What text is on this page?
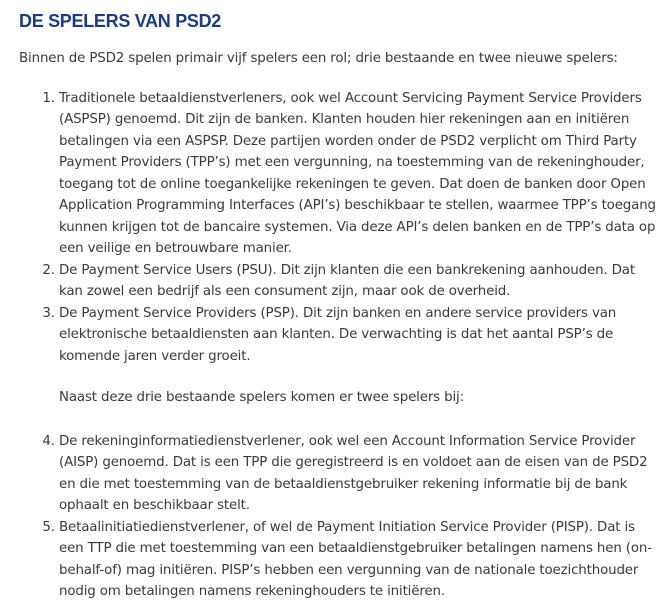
DE SPELERS VAN PSD2

Binnen de PSD2 spelen primair vijf spelers een rol; drie bestaande en twee nieuwe spelers:

1. Traditionele betaaldienstverleners, ook wel Account Servicing Payment Service Providers (ASPSP) genoemd. Dit zijn de banken. Klanten houden hier rekeningen aan en initiëren betalingen via een ASPSP. Deze partijen worden onder de PSD2 verplicht om Third Party Payment Providers (TPP’s) met een vergunning, na toestemming van de rekeninghouder, toegang tot de online toegankelijke rekeningen te geven. Dat doen de banken door Open Application Programming Interfaces (API’s) beschikbaar te stellen, waarmee TPP’s toegang kunnen krijgen tot de bancaire systemen. Via deze API’s delen banken en de TPP’s data op een veilige en betrouwbare manier.
2. De Payment Service Users (PSU). Dit zijn klanten die een bankrekening aanhouden. Dat kan zowel een bedrijf als een consument zijn, maar ook de overheid.
3. De Payment Service Providers (PSP). Dit zijn banken en andere service providers van elektronische betaaldiensten aan klanten. De verwachting is dat het aantal PSP’s de komende jaren verder groeit.

Naast deze drie bestaande spelers komen er twee spelers bij:

4. De rekeninginformatiedienstverlener, ook wel een Account Information Service Provider (AISP) genoemd. Dat is een TPP die geregistreerd is en voldoet aan de eisen van de PSD2 en die met toestemming van de betaaldienstgebruiker rekening informatie bij de bank ophaalt en beschikbaar stelt.
5. Betaalinitiatiedienstverlener, of wel de Payment Initiation Service Provider (PISP). Dat is een TTP die met toestemming van een betaaldienstgebruiker betalingen namens hen (on-behalf-of) mag initiëren. PISP’s hebben een vergunning van de nationale toezichthouder nodig om betalingen namens rekeninghouders te initiëren.
